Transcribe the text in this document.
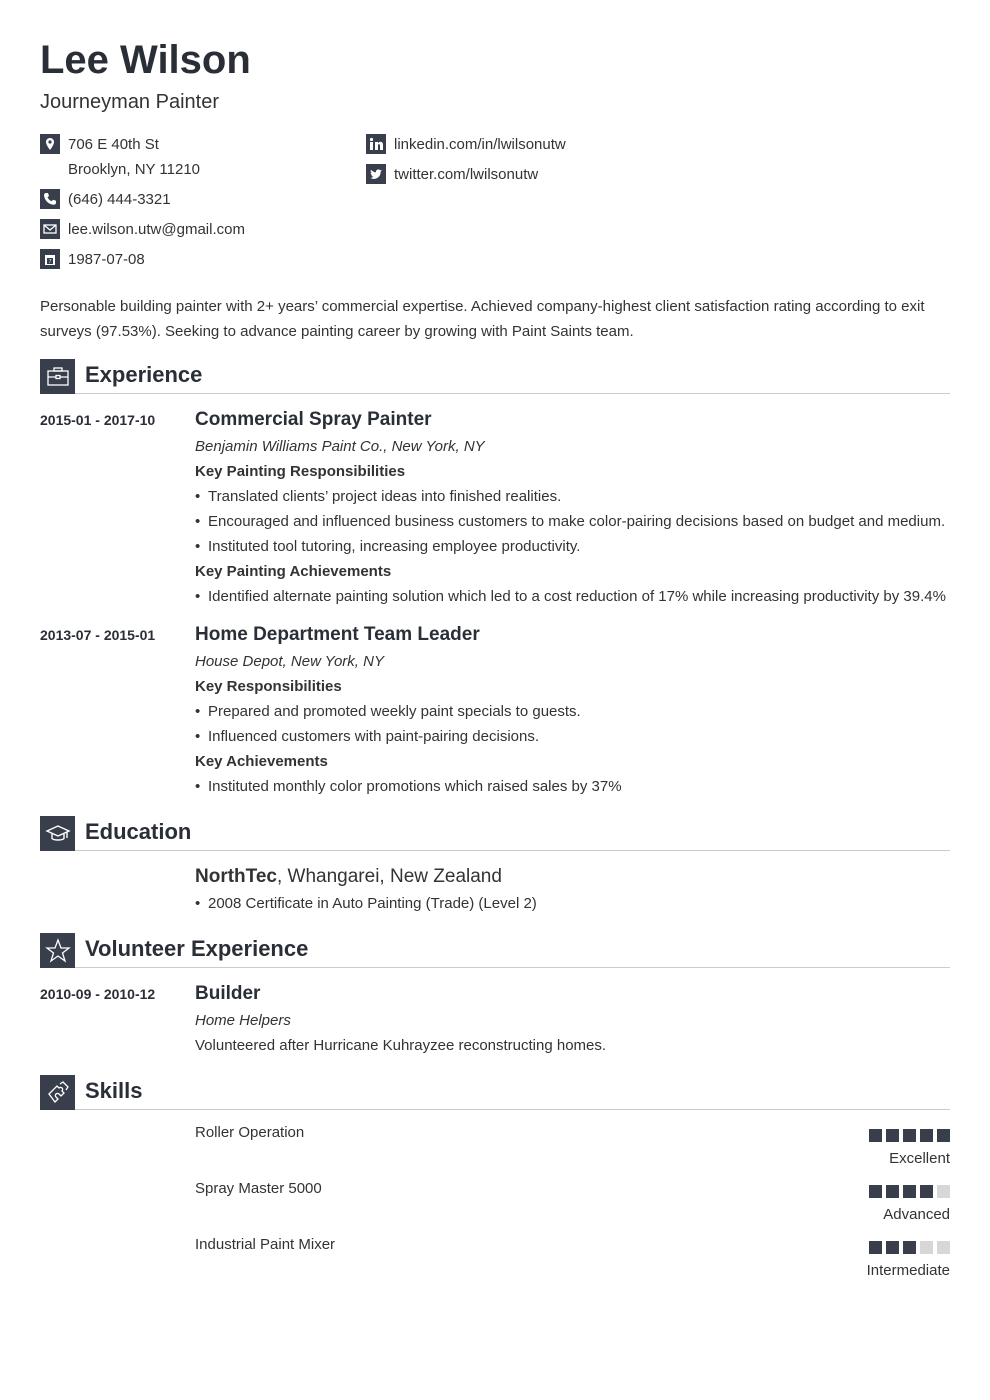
Lee Wilson
Journeyman Painter
706 E 40th St
Brooklyn, NY 11210
(646) 444-3321
lee.wilson.utw@gmail.com
7 1987-07-08
linkedin.com/in/lwilsonutw
twitter.com/lwilsonutw

Personable building painter with 2+ years’ commercial expertise. Achieved company-highest client satisfaction rating according to exit surveys (97.53%). Seeking to advance painting career by growing with Paint Saints team.

Experience
2015-01 - 2017-10	Commercial Spray Painter
Benjamin Williams Paint Co., New York, NY
Key Painting Responsibilities
• Translated clients’ project ideas into finished realities.
• Encouraged and influenced business customers to make color-pairing decisions based on budget and medium.
• Instituted tool tutoring, increasing employee productivity.
Key Painting Achievements
• Identified alternate painting solution which led to a cost reduction of 17% while increasing productivity by 39.4%
2013-07 - 2015-01	Home Department Team Leader
House Depot, New York, NY
Key Responsibilities
• Prepared and promoted weekly paint specials to guests.
• Influenced customers with paint-pairing decisions.
Key Achievements
• Instituted monthly color promotions which raised sales by 37%
Education
NorthTec, Whangarei, New Zealand
• 2008 Certificate in Auto Painting (Trade) (Level 2)
Volunteer Experience
2010-09 - 2010-12	Builder
Home Helpers
Volunteered after Hurricane Kuhrayzee reconstructing homes.
Skills
Roller Operation
Excellent
Spray Master 5000
Advanced
Industrial Paint Mixer
Intermediate
